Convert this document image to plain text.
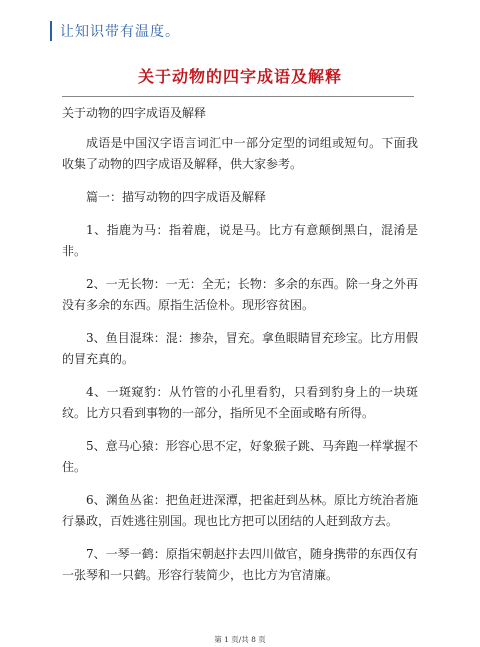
让知识带有温度。
关于动物的四字成语及解释

关于动物的四字成语及解释

成语是中国汉字语言词汇中一部分定型的词组或短句。下面我收集了动物的四字成语及解释，供大家参考。

篇一：描写动物的四字成语及解释

1、指鹿为马：指着鹿，说是马。比方有意颠倒黑白，混淆是非。

2、一无长物：一无：全无；长物：多余的东西。除一身之外再没有多余的东西。原指生活俭朴。现形容贫困。

3、鱼目混珠：混：掺杂，冒充。拿鱼眼睛冒充珍宝。比方用假的冒充真的。

4、一斑窥豹：从竹管的小孔里看豹，只看到豹身上的一块斑纹。比方只看到事物的一部分，指所见不全面或略有所得。

5、意马心猿：形容心思不定，好象猴子跳、马奔跑一样掌握不住。

6、渊鱼丛雀：把鱼赶进深潭，把雀赶到丛林。原比方统治者施行暴政，百姓逃往别国。现也比方把可以团结的人赶到敌方去。

7、一琴一鹤：原指宋朝赵抃去四川做官，随身携带的东西仅有一张琴和一只鹤。形容行装简少，也比方为官清廉。

第 1 页/共 8 页
